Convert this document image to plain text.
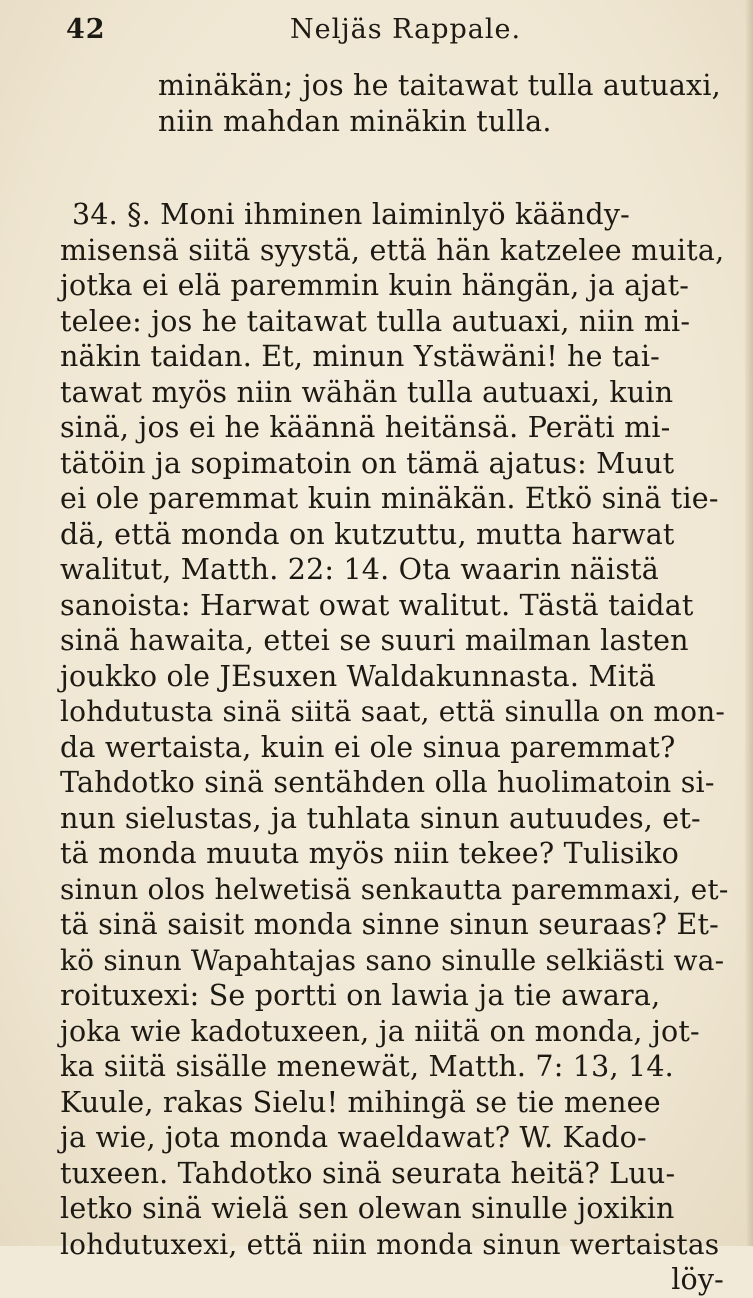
42	Neljäs Rappale.
minäkän; jos he taitawat tulla autuaxi,
niin mahdan minäkin tulla.
34. §. Moni ihminen laiminlyö käändy-
misensä siitä syystä, että hän katzelee muita,
jotka ei elä paremmin kuin hängän, ja ajat-
telee: jos he taitawat tulla autuaxi, niin mi-
näkin taidan. Et, minun Ystäwäni! he tai-
tawat myös niin wähän tulla autuaxi, kuin
sinä, jos ei he käännä heitänsä. Peräti mi-
tätöin ja sopimatoin on tämä ajatus: Muut
ei ole paremmat kuin minäkän. Etkö sinä tie-
dä, että monda on kutzuttu, mutta harwat
walitut, Matth. 22: 14. Ota waarin näistä
sanoista: Harwat owat walitut. Tästä taidat
sinä hawaita, ettei se suuri mailman lasten
joukko ole JEsuxen Waldakunnasta. Mitä
lohdutusta sinä siitä saat, että sinulla on mon-
da wertaista, kuin ei ole sinua paremmat?
Tahdotko sinä sentähden olla huolimatoin si-
nun sielustas, ja tuhlata sinun autuudes, et-
tä monda muuta myös niin tekee? Tulisiko
sinun olos helwetisä senkautta paremmaxi, et-
tä sinä saisit monda sinne sinun seuraas? Et-
kö sinun Wapahtajas sano sinulle selkiästi wa-
roituxexi: Se portti on lawia ja tie awara,
joka wie kadotuxeen, ja niitä on monda, jot-
ka siitä sisälle menewät, Matth. 7: 13, 14.
Kuule, rakas Sielu! mihingä se tie menee
ja wie, jota monda waeldawat? W. Kado-
tuxeen. Tahdotko sinä seurata heitä? Luu-
letko sinä wielä sen olewan sinulle joxikin
lohdutuxexi, että niin monda sinun wertaistas
löy-
